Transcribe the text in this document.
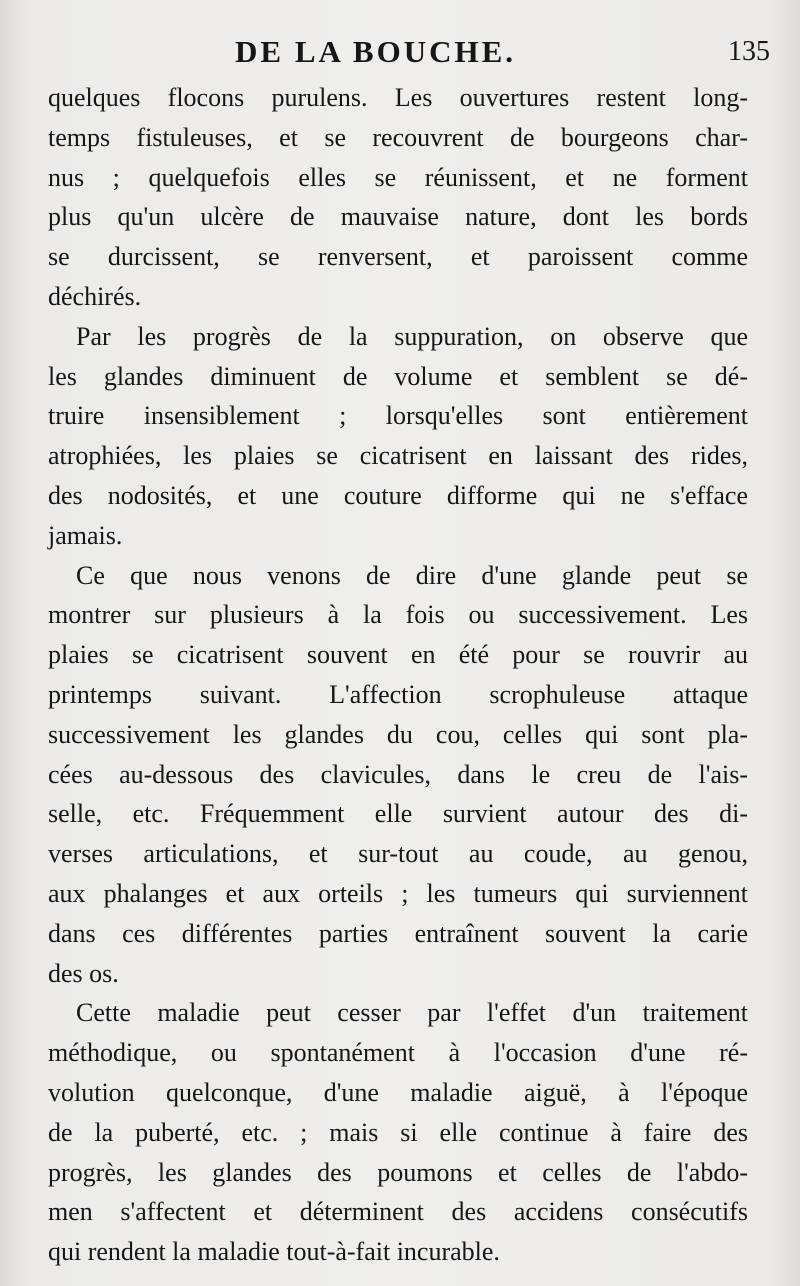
DE LA BOUCHE.	135
quelques flocons purulens. Les ouvertures restent long-
temps fistuleuses, et se recouvrent de bourgeons char-
nus ; quelquefois elles se réunissent, et ne forment
plus qu'un ulcère de mauvaise nature, dont les bords
se durcissent, se renversent, et paroissent comme
déchirés.
Par les progrès de la suppuration, on observe que
les glandes diminuent de volume et semblent se dé-
truire insensiblement ; lorsqu'elles sont entièrement
atrophiées, les plaies se cicatrisent en laissant des rides,
des nodosités, et une couture difforme qui ne s'efface
jamais.
Ce que nous venons de dire d'une glande peut se
montrer sur plusieurs à la fois ou successivement. Les
plaies se cicatrisent souvent en été pour se rouvrir au
printemps suivant. L'affection scrophuleuse attaque
successivement les glandes du cou, celles qui sont pla-
cées au-dessous des clavicules, dans le creu de l'ais-
selle, etc. Fréquemment elle survient autour des di-
verses articulations, et sur-tout au coude, au genou,
aux phalanges et aux orteils ; les tumeurs qui surviennent
dans ces différentes parties entraînent souvent la carie
des os.
Cette maladie peut cesser par l'effet d'un traitement
méthodique, ou spontanément à l'occasion d'une ré-
volution quelconque, d'une maladie aiguë, à l'époque
de la puberté, etc. ; mais si elle continue à faire des
progrès, les glandes des poumons et celles de l'abdo-
men s'affectent et déterminent des accidens consécutifs
qui rendent la maladie tout-à-fait incurable.
